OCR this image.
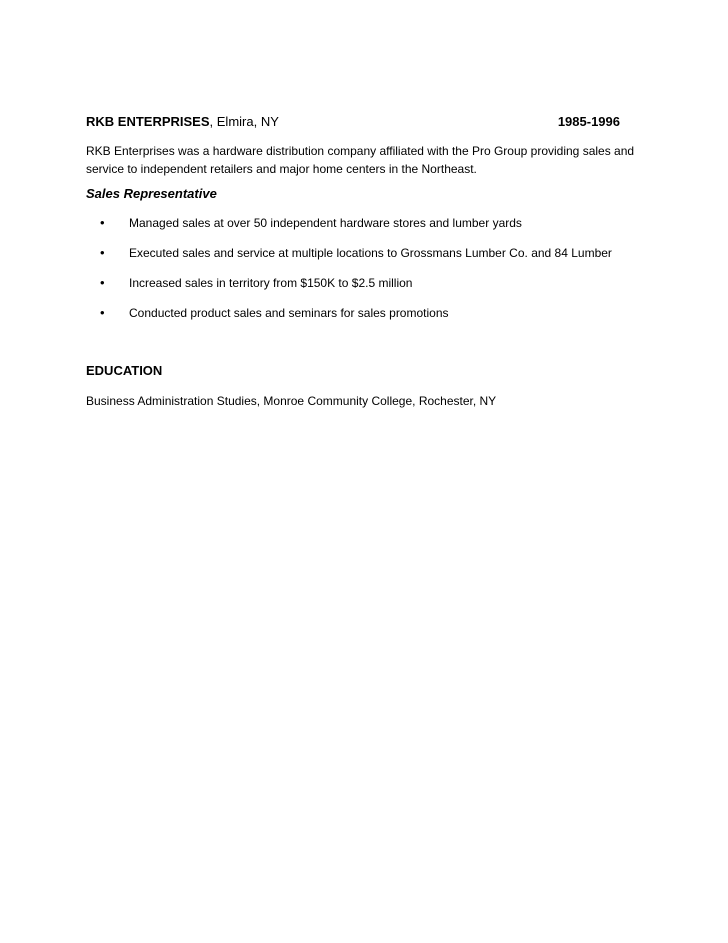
RKB ENTERPRISES, Elmira, NY	1985-1996
RKB Enterprises was a hardware distribution company affiliated with the Pro Group providing sales and service to independent retailers and major home centers in the Northeast.
Sales Representative
• Managed sales at over 50 independent hardware stores and lumber yards
• Executed sales and service at multiple locations to Grossmans Lumber Co. and 84 Lumber
• Increased sales in territory from $150K to $2.5 million
• Conducted product sales and seminars for sales promotions
EDUCATION
Business Administration Studies, Monroe Community College, Rochester, NY
